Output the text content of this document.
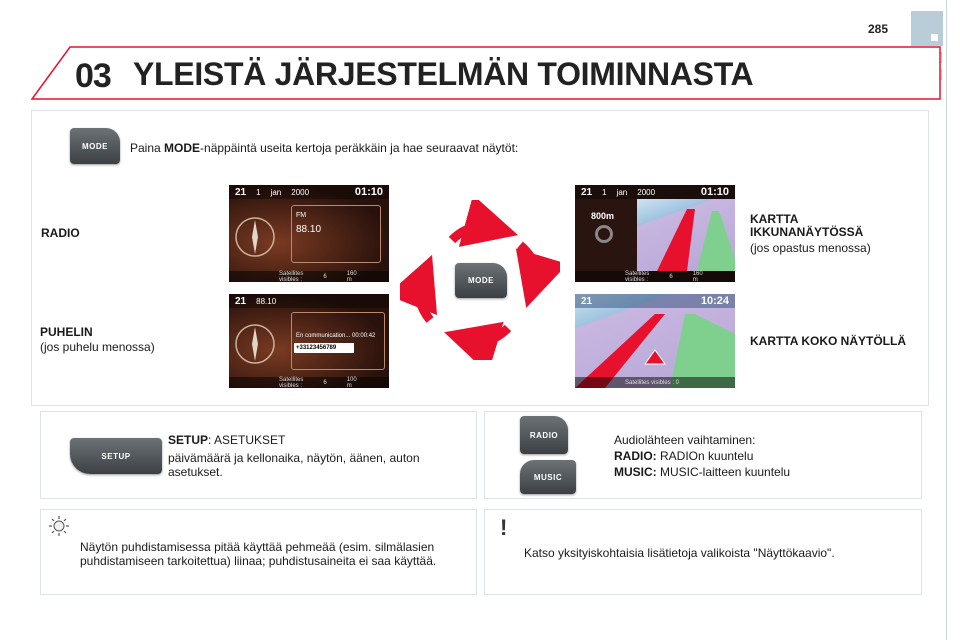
285
03 YLEISTÄ JÄRJESTELMÄN TOIMINNASTA
MODE	Paina MODE-näppäintä useita kertoja peräkkäin ja hae seuraavat näytöt:
RADIO
PUHELIN
(jos puhelu menossa)
KARTTA
IKKUNANÄYTÖSSÄ
(jos opastus menossa)
KARTTA KOKO NÄYTÖLLÄ
21 1 jan 2000	01:10
FM
88.10
Satellites visibles :	6	160 m
21 1 jan 2000	01:10
800m
Satellites visibles :	6	160 m
21 88.10
En communication... 00:00:42
+33123456789
Satellites visibles :	6	100 m
21	10:24
Satellites visibles : 0
MODE
SETUP
SETUP: ASETUKSET
päivämäärä ja kellonaika, näytön, äänen, auton asetukset.
RADIO
MUSIC
Audiolähteen vaihtaminen:
RADIO: RADIOn kuuntelu
MUSIC: MUSIC-laitteen kuuntelu
Näytön puhdistamisessa pitää käyttää pehmeää (esim. silmälasien puhdistamiseen tarkoitettua) liinaa; puhdistusaineita ei saa käyttää.
!
Katso yksityiskohtaisia lisätietoja valikoista "Näyttökaavio".
